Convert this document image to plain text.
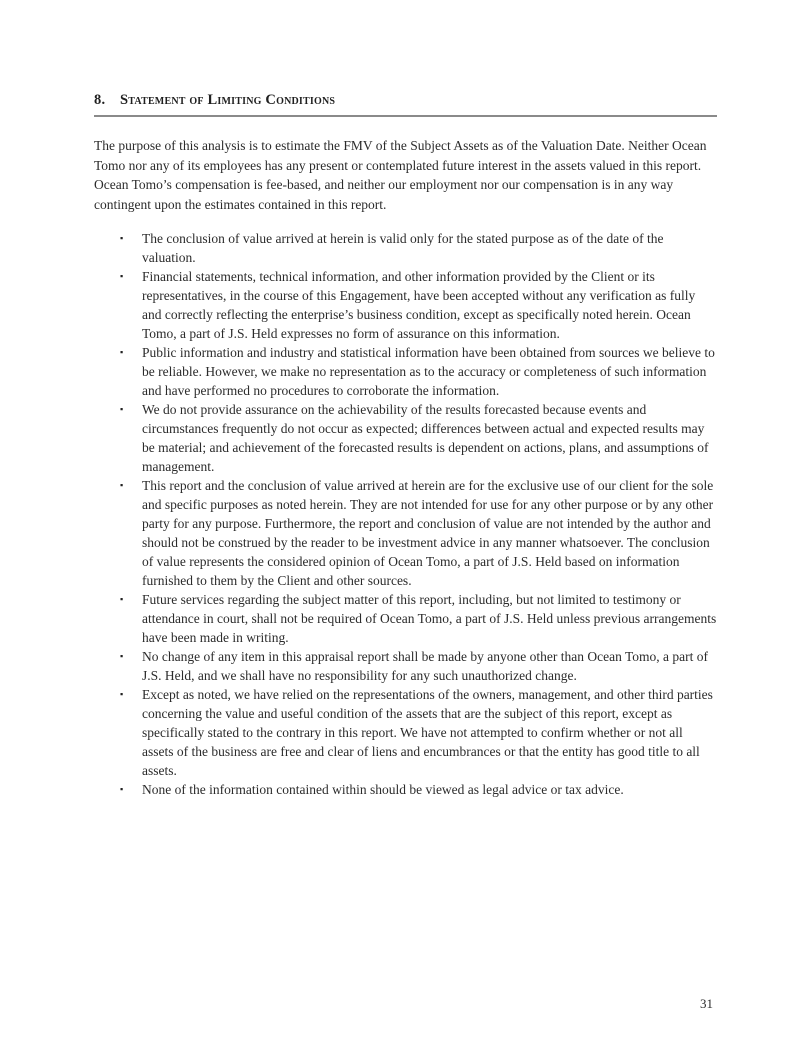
8.	Statement of Limiting Conditions

The purpose of this analysis is to estimate the FMV of the Subject Assets as of the Valuation Date. Neither Ocean Tomo nor any of its employees has any present or contemplated future interest in the assets valued in this report. Ocean Tomo’s compensation is fee-based, and neither our employment nor our compensation is in any way contingent upon the estimates contained in this report.

▪	The conclusion of value arrived at herein is valid only for the stated purpose as of the date of the valuation.
▪	Financial statements, technical information, and other information provided by the Client or its representatives, in the course of this Engagement, have been accepted without any verification as fully and correctly reflecting the enterprise’s business condition, except as specifically noted herein. Ocean Tomo, a part of J.S. Held expresses no form of assurance on this information.
▪	Public information and industry and statistical information have been obtained from sources we believe to be reliable. However, we make no representation as to the accuracy or completeness of such information and have performed no procedures to corroborate the information.
▪	We do not provide assurance on the achievability of the results forecasted because events and circumstances frequently do not occur as expected; differences between actual and expected results may be material; and achievement of the forecasted results is dependent on actions, plans, and assumptions of management.
▪	This report and the conclusion of value arrived at herein are for the exclusive use of our client for the sole and specific purposes as noted herein. They are not intended for use for any other purpose or by any other party for any purpose. Furthermore, the report and conclusion of value are not intended by the author and should not be construed by the reader to be investment advice in any manner whatsoever. The conclusion of value represents the considered opinion of Ocean Tomo, a part of J.S. Held based on information furnished to them by the Client and other sources.
▪	Future services regarding the subject matter of this report, including, but not limited to testimony or attendance in court, shall not be required of Ocean Tomo, a part of J.S. Held unless previous arrangements have been made in writing.
▪	No change of any item in this appraisal report shall be made by anyone other than Ocean Tomo, a part of J.S. Held, and we shall have no responsibility for any such unauthorized change.
▪	Except as noted, we have relied on the representations of the owners, management, and other third parties concerning the value and useful condition of the assets that are the subject of this report, except as specifically stated to the contrary in this report. We have not attempted to confirm whether or not all assets of the business are free and clear of liens and encumbrances or that the entity has good title to all assets.
▪	None of the information contained within should be viewed as legal advice or tax advice.
31
